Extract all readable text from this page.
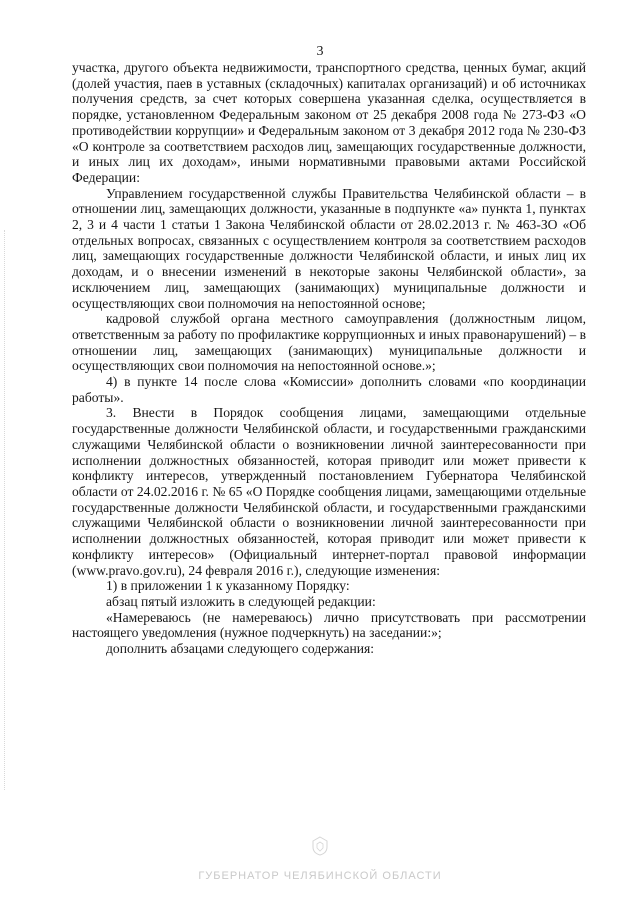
3

участка, другого объекта недвижимости, транспортного средства, ценных бумаг, акций (долей участия, паев в уставных (складочных) капиталах организаций) и об источниках получения средств, за счет которых совершена указанная сделка, осуществляется в порядке, установленном Федеральным законом от 25 декабря 2008 года № 273-ФЗ «О противодействии коррупции» и Федеральным законом от 3 декабря 2012 года № 230-ФЗ «О контроле за соответствием расходов лиц, замещающих государственные должности, и иных лиц их доходам», иными нормативными правовыми актами Российской Федерации:

Управлением государственной службы Правительства Челябинской области – в отношении лиц, замещающих должности, указанные в подпункте «а» пункта 1, пунктах 2, 3 и 4 части 1 статьи 1 Закона Челябинской области от 28.02.2013 г. № 463-ЗО «Об отдельных вопросах, связанных с осуществлением контроля за соответствием расходов лиц, замещающих государственные должности Челябинской области, и иных лиц их доходам, и о внесении изменений в некоторые законы Челябинской области», за исключением лиц, замещающих (занимающих) муниципальные должности и осуществляющих свои полномочия на непостоянной основе;

кадровой службой органа местного самоуправления (должностным лицом, ответственным за работу по профилактике коррупционных и иных правонарушений) – в отношении лиц, замещающих (занимающих) муниципальные должности и осуществляющих свои полномочия на непостоянной основе.»;

4) в пункте 14 после слова «Комиссии» дополнить словами «по координации работы».

3. Внести в Порядок сообщения лицами, замещающими отдельные государственные должности Челябинской области, и государственными гражданскими служащими Челябинской области о возникновении личной заинтересованности при исполнении должностных обязанностей, которая приводит или может привести к конфликту интересов, утвержденный постановлением Губернатора Челябинской области от 24.02.2016 г. № 65 «О Порядке сообщения лицами, замещающими отдельные государственные должности Челябинской области, и государственными гражданскими служащими Челябинской области о возникновении личной заинтересованности при исполнении должностных обязанностей, которая приводит или может привести к конфликту интересов» (Официальный интернет-портал правовой информации (www.pravo.gov.ru), 24 февраля 2016 г.), следующие изменения:

1) в приложении 1 к указанному Порядку:

абзац пятый изложить в следующей редакции:

«Намереваюсь (не намереваюсь) лично присутствовать при рассмотрении настоящего уведомления (нужное подчеркнуть) на заседании:»;

дополнить абзацами следующего содержания:

ГУБЕРНАТОР ЧЕЛЯБИНСКОЙ ОБЛАСТИ
